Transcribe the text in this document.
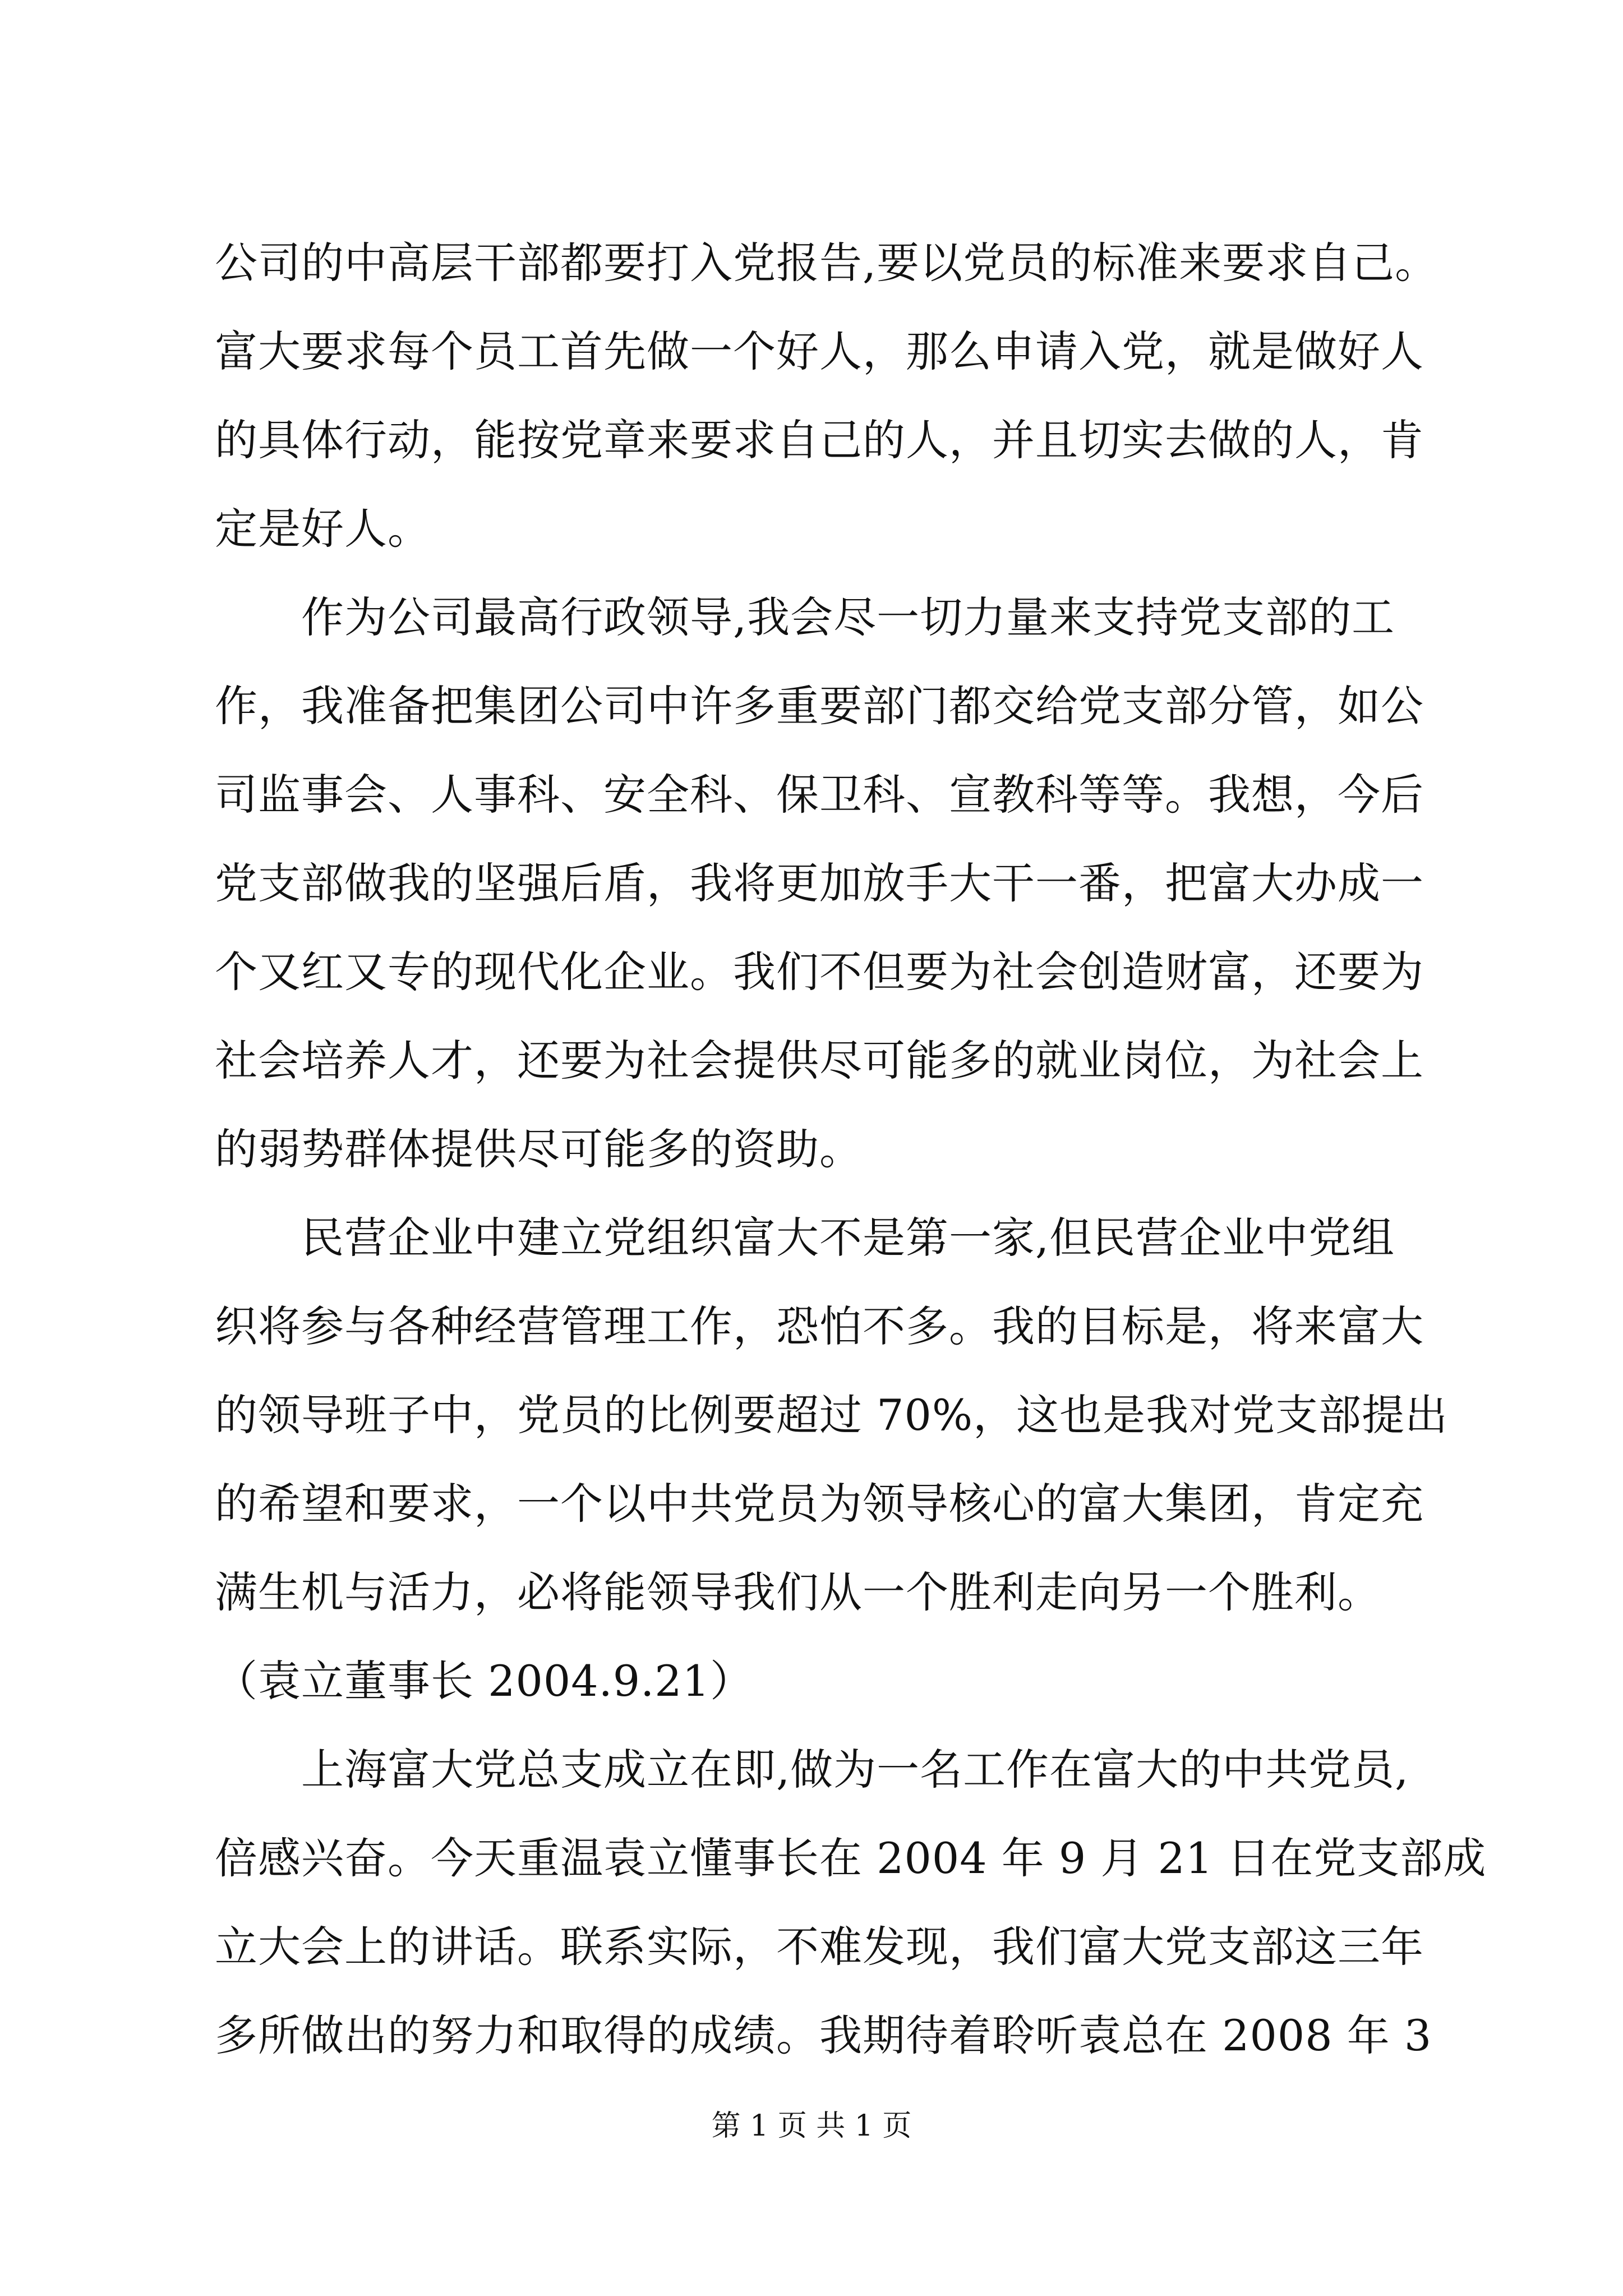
公司的中高层干部都要打入党报告,要以党员的标准来要求自己。
富大要求每个员工首先做一个好人，那么申请入党，就是做好人
的具体行动，能按党章来要求自己的人，并且切实去做的人，肯
定是好人。
　　作为公司最高行政领导,我会尽一切力量来支持党支部的工
作，我准备把集团公司中许多重要部门都交给党支部分管，如公
司监事会、人事科、安全科、保卫科、宣教科等等。我想，今后
党支部做我的坚强后盾，我将更加放手大干一番，把富大办成一
个又红又专的现代化企业。我们不但要为社会创造财富，还要为
社会培养人才，还要为社会提供尽可能多的就业岗位，为社会上
的弱势群体提供尽可能多的资助。
　　民营企业中建立党组织富大不是第一家,但民营企业中党组
织将参与各种经营管理工作，恐怕不多。我的目标是，将来富大
的领导班子中，党员的比例要超过 70%，这也是我对党支部提出
的希望和要求，一个以中共党员为领导核心的富大集团，肯定充
满生机与活力，必将能领导我们从一个胜利走向另一个胜利。
（袁立董事长 2004.9.21）
　　上海富大党总支成立在即,做为一名工作在富大的中共党员,
倍感兴奋。今天重温袁立懂事长在 2004 年 9 月 21 日在党支部成
立大会上的讲话。联系实际，不难发现，我们富大党支部这三年
多所做出的努力和取得的成绩。我期待着聆听袁总在 2008 年 3
第 1 页 共 1 页
